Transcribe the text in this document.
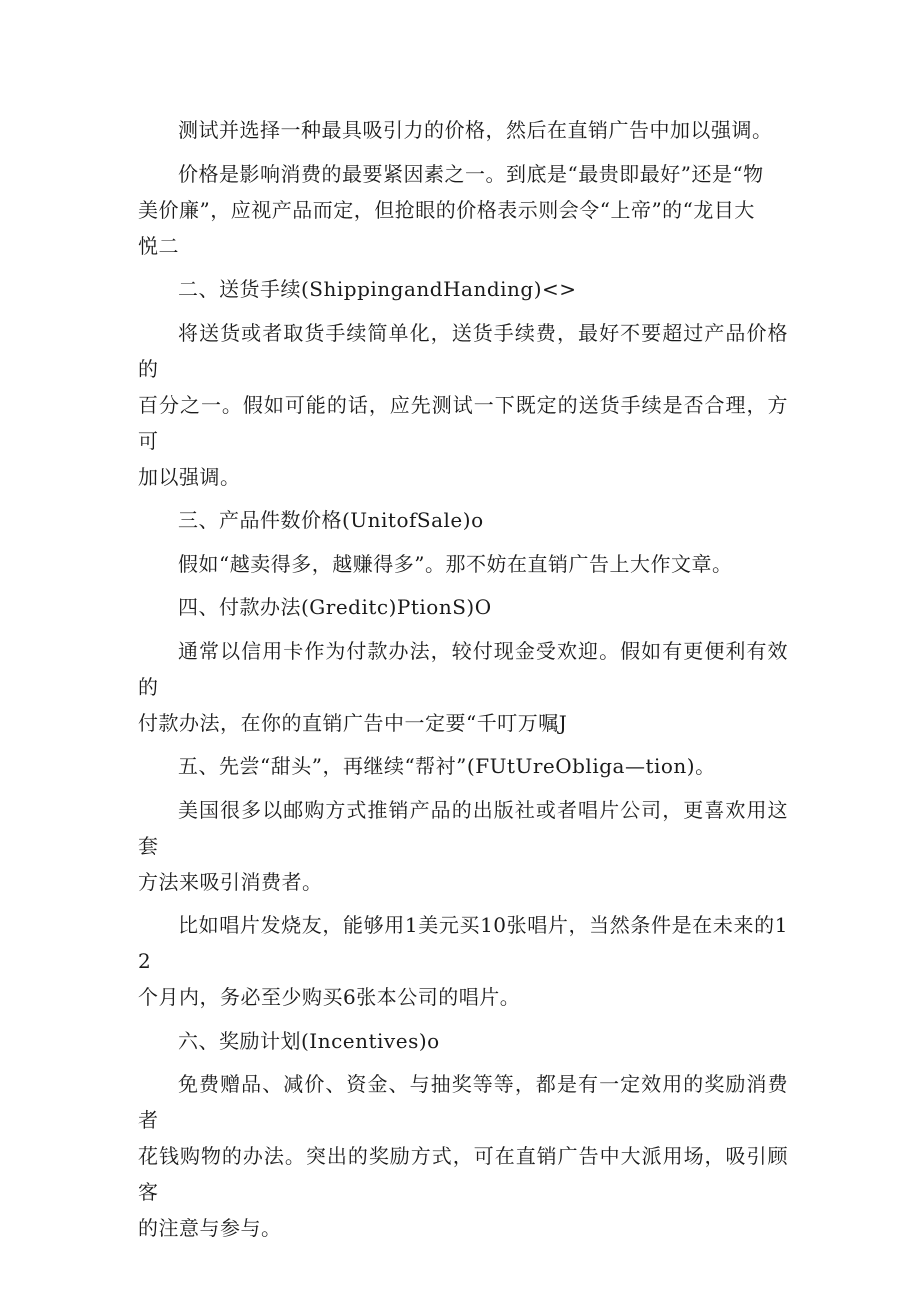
测试并选择一种最具吸引力的价格，然后在直销广告中加以强调。

价格是影响消费的最要紧因素之一。到底是“最贵即最好”还是“物
美价廉”，应视产品而定，但抢眼的价格表示则会令“上帝”的“龙目大
悦二

二、送货手续(ShippingandHanding)<>

将送货或者取货手续简单化，送货手续费，最好不要超过产品价格的
百分之一。假如可能的话，应先测试一下既定的送货手续是否合理，方可
加以强调。

三、产品件数价格(UnitofSale)o

假如“越卖得多，越赚得多”。那不妨在直销广告上大作文章。

四、付款办法(Greditc)PtionS)O

通常以信用卡作为付款办法，较付现金受欢迎。假如有更便利有效的
付款办法，在你的直销广告中一定要“千叮万嘱J

五、先尝“甜头”，再继续“帮衬”(FUtUreObliga—tion)。

美国很多以邮购方式推销产品的出版社或者唱片公司，更喜欢用这套
方法来吸引消费者。

比如唱片发烧友，能够用1美元买10张唱片，当然条件是在未来的12
个月内，务必至少购买6张本公司的唱片。

六、奖励计划(Incentives)o

免费赠品、减价、资金、与抽奖等等，都是有一定效用的奖励消费者
花钱购物的办法。突出的奖励方式，可在直销广告中大派用场，吸引顾客
的注意与参与。
